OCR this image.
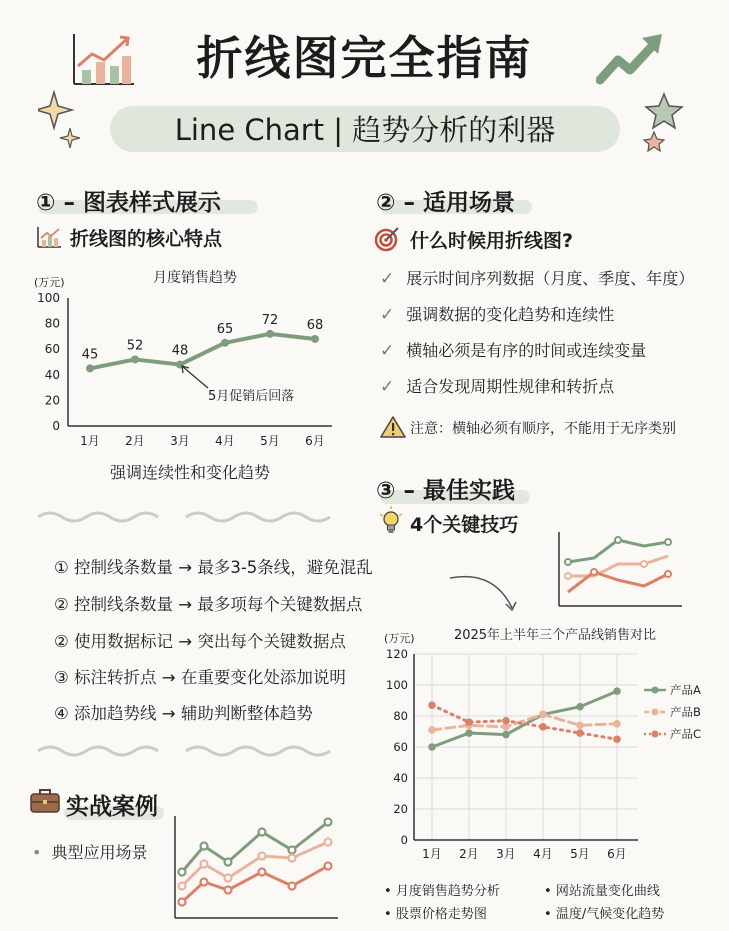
折线图完全指南
Line Chart | 趋势分析的利器
① – 图表样式展示
折线图的核心特点
月度销售趋势
(万元)
0
20
40
60
80
100
1月 2月 3月 4月 5月 6月
45
52 48
65
72 68
5月促销后回落
强调连续性和变化趋势
② – 适用场景
什么时候用折线图?
✓ 展示时间序列数据（月度、季度、年度）
✓ 强调数据的变化趋势和连续性
✓ 横轴必须是有序的时间或连续变量
✓ 适合发现周期性规律和转折点
注意：横轴必须有顺序，不能用于无序类别
③ – 最佳实践
4个关键技巧
① 控制线条数量 → 最多3-5条线，避免混乱
② 控制线条数量 → 最多项每个关键数据点
② 使用数据标记 → 突出每个关键数据点
③ 标注转折点 → 在重要变化处添加说明
④ 添加趋势线 → 辅助判断整体趋势
2025年上半年三个产品线销售对比
(万元)
0
20
40
60
80
100
120
1月 2月 3月 4月 5月 6月
产品A
产品B
产品C
实战案例
• 典型应用场景
• 月度销售趋势分析	• 网站流量变化曲线
• 股票价格走势图	• 温度/气候变化趋势
